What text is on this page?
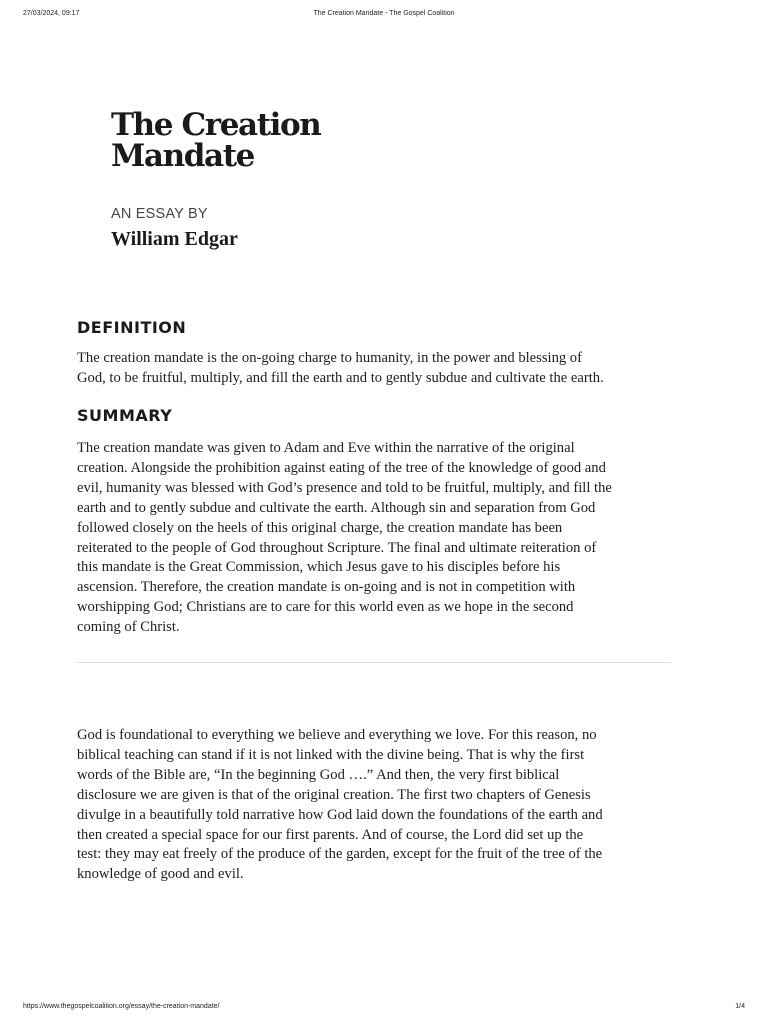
27/03/2024, 09:17	The Creation Mandate - The Gospel Coalition
The Creation
Mandate
AN ESSAY BY
William Edgar
DEFINITION

The creation mandate is the on-going charge to humanity, in the power and blessing of
God, to be fruitful, multiply, and fill the earth and to gently subdue and cultivate the earth.

SUMMARY

The creation mandate was given to Adam and Eve within the narrative of the original
creation. Alongside the prohibition against eating of the tree of the knowledge of good and
evil, humanity was blessed with God’s presence and told to be fruitful, multiply, and fill the
earth and to gently subdue and cultivate the earth. Although sin and separation from God
followed closely on the heels of this original charge, the creation mandate has been
reiterated to the people of God throughout Scripture. The final and ultimate reiteration of
this mandate is the Great Commission, which Jesus gave to his disciples before his
ascension. Therefore, the creation mandate is on-going and is not in competition with
worshipping God; Christians are to care for this world even as we hope in the second
coming of Christ.

God is foundational to everything we believe and everything we love. For this reason, no
biblical teaching can stand if it is not linked with the divine being. That is why the first
words of the Bible are, “In the beginning God ….” And then, the very first biblical
disclosure we are given is that of the original creation. The first two chapters of Genesis
divulge in a beautifully told narrative how God laid down the foundations of the earth and
then created a special space for our first parents. And of course, the Lord did set up the
test: they may eat freely of the produce of the garden, except for the fruit of the tree of the
knowledge of good and evil.

https://www.thegospelcoalition.org/essay/the-creation-mandate/	1/4
